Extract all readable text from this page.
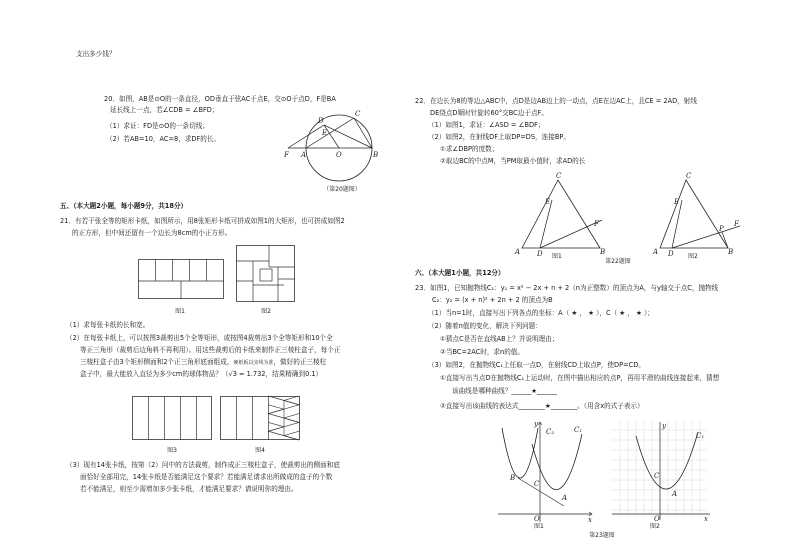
支出多少钱？
20．如图，AB是⊙O的一条直径，OD垂直于弦AC于点E，交⊙O于点D，F是BA
延长线上一点，若∠CDB = ∠BFD；
（1）求证：FD是⊙O的一条切线；
（2）若AB=10，AC=8，求DF的长。
C
D
E
F A	O	B
（第20题图）
五、（本大题2小题，每小题9分，共18分）
21．有若干张全等的矩形卡纸，如图所示，用8张矩形卡纸可拼成如图1的大矩形，也可拼成如图2
的正方形，但中间还留有一个边长为8cm的小正方形。
图1	图2
（1）求每张卡纸的长和宽。
（2）在每张卡纸上，可以按图3裁剪出5个全等矩形，或按图4裁剪出3个全等矩形和10个全
等正三角形（裁剪后边角料不再利用）。用这些裁剪后的卡纸来制作正三棱柱盒子，每个正
三棱柱盒子由3个矩形侧面和2个正三角形底面组成，硬纸板以实线为准，做好的正三棱柱
盒子中，最大能放入直径为多少cm的球体物品？（√3 ≈ 1.732，结果精确到0.1）
图3	图4
（3）现有14张卡纸，按第（2）问中的方法裁剪，制作成正三棱柱盒子，使裁剪出的侧面和底
面恰好全部用完，14张卡纸是否能满足这个要求？若能满足请求出所做成的盒子的个数
若不能满足，则至少需增加多少张卡纸，才能满足要求？请说明你的理由。
22．在边长为8的等边△ABC中，点D是边AB边上的一动点，点E在边AC上，且CE = 2AD，射线
DE绕点D顺时针旋转60°交BC边于点F。
（1）如图1，求证：∠ASD = ∠BDF；
（2）如图2，在射线DF上取DP=DS，连接BP。
①求∠DBP的度数；
②取边BC的中点M，当PM取最小值时，求AD的长
C
E
F
A D	B
图1
C
E
F
P
A D	B
图2
第22题图
六、（本大题1小题，共12分）
23．如图1，已知抛物线C₁：y₁ = x² − 2x + n + 2（n为正整数）的顶点为A，与y轴交于点C，抛物线
C₂：y₂ = (x + n)² + 2n + 2 的顶点为B
（1）当n=1时，直接写出下列各点的坐标：A（ ★ ， ★ ），C（ ★ ， ★ ）；
（2）随着n值的变化，解决下列问题：
①猜点C是否在直线AB上？并说明理由；
②当BC=2AC时，求n的值。
（3）如图2，在抛物线C₁上任取一点D，在射线CD上取点P，使DP=CD。
①直接写出当点D在抛物线C₁上运动时，在图中描出相应的点P，再用平滑的曲线连接起来，猜想
该曲线是哪种曲线？______★______
②直接写出该曲线的表达式________★________。（用含x的式子表示）
C₁
C₂
y
B
C
A
O	x
图1
y
C₁
C
A
O	x
图2
第23题图
